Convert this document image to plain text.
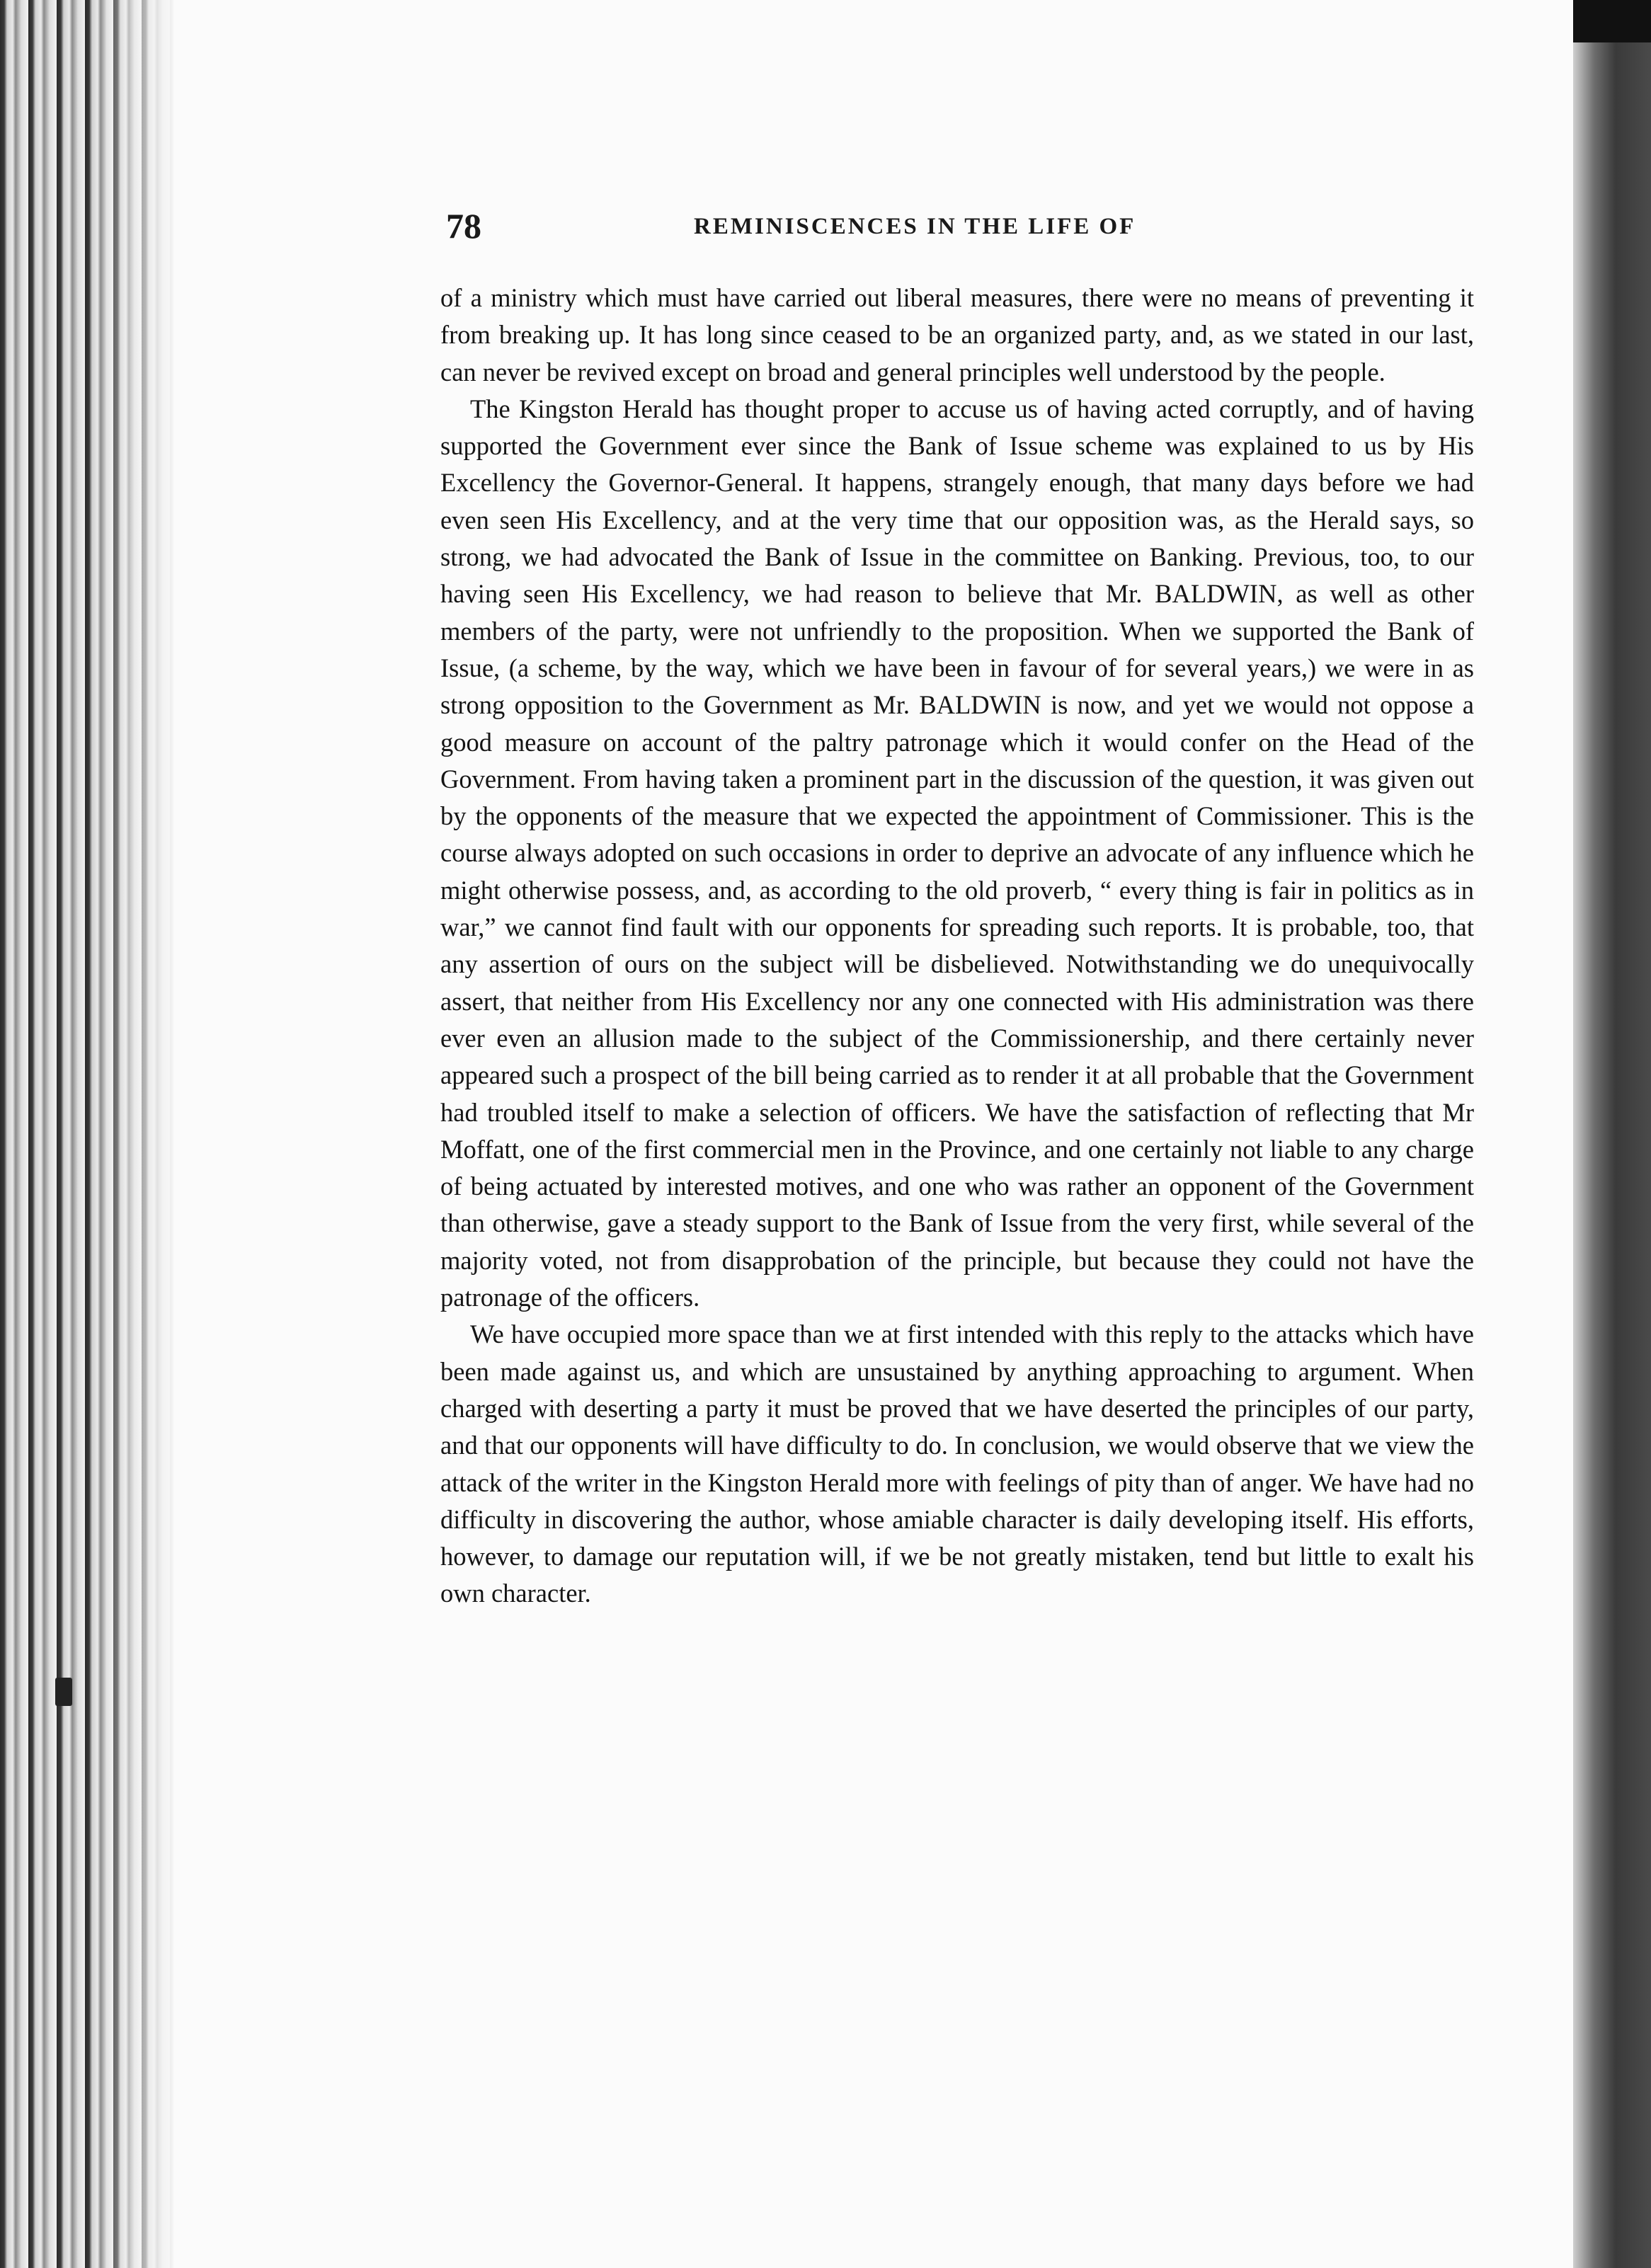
78	REMINISCENCES IN THE LIFE OF

of a ministry which must have carried out liberal measures, there were no means of preventing it from breaking up. It has long since ceased to be an organized party, and, as we stated in our last, can never be revived except on broad and general principles well understood by the people.

The Kingston Herald has thought proper to accuse us of having acted corruptly, and of having supported the Government ever since the Bank of Issue scheme was explained to us by His Excellency the Governor-General. It happens, strangely enough, that many days before we had even seen His Excellency, and at the very time that our opposition was, as the Herald says, so strong, we had advocated the Bank of Issue in the committee on Banking. Previous, too, to our having seen His Excellency, we had reason to believe that Mr. BALDWIN, as well as other members of the party, were not unfriendly to the proposition. When we supported the Bank of Issue, (a scheme, by the way, which we have been in favour of for several years,) we were in as strong opposition to the Government as Mr. BALDWIN is now, and yet we would not oppose a good measure on account of the paltry patronage which it would confer on the Head of the Government. From having taken a prominent part in the discussion of the question, it was given out by the opponents of the measure that we expected the appointment of Commissioner. This is the course always adopted on such occasions in order to deprive an advocate of any influence which he might otherwise possess, and, as according to the old proverb, “ every thing is fair in politics as in war,” we cannot find fault with our opponents for spreading such reports. It is probable, too, that any assertion of ours on the subject will be disbelieved. Notwithstanding we do unequivocally assert, that neither from His Excellency nor any one connected with His administration was there ever even an allusion made to the subject of the Commissionership, and there certainly never appeared such a prospect of the bill being carried as to render it at all probable that the Government had troubled itself to make a selection of officers. We have the satisfaction of reflecting that Mr Moffatt, one of the first commercial men in the Province, and one certainly not liable to any charge of being actuated by interested motives, and one who was rather an opponent of the Government than otherwise, gave a steady support to the Bank of Issue from the very first, while several of the majority voted, not from disapprobation of the principle, but because they could not have the patronage of the officers.

We have occupied more space than we at first intended with this reply to the attacks which have been made against us, and which are unsustained by anything approaching to argument. When charged with deserting a party it must be proved that we have deserted the principles of our party, and that our opponents will have difficulty to do. In conclusion, we would observe that we view the attack of the writer in the Kingston Herald more with feelings of pity than of anger. We have had no difficulty in discovering the author, whose amiable character is daily developing itself. His efforts, however, to damage our reputation will, if we be not greatly mistaken, tend but little to exalt his own character.
